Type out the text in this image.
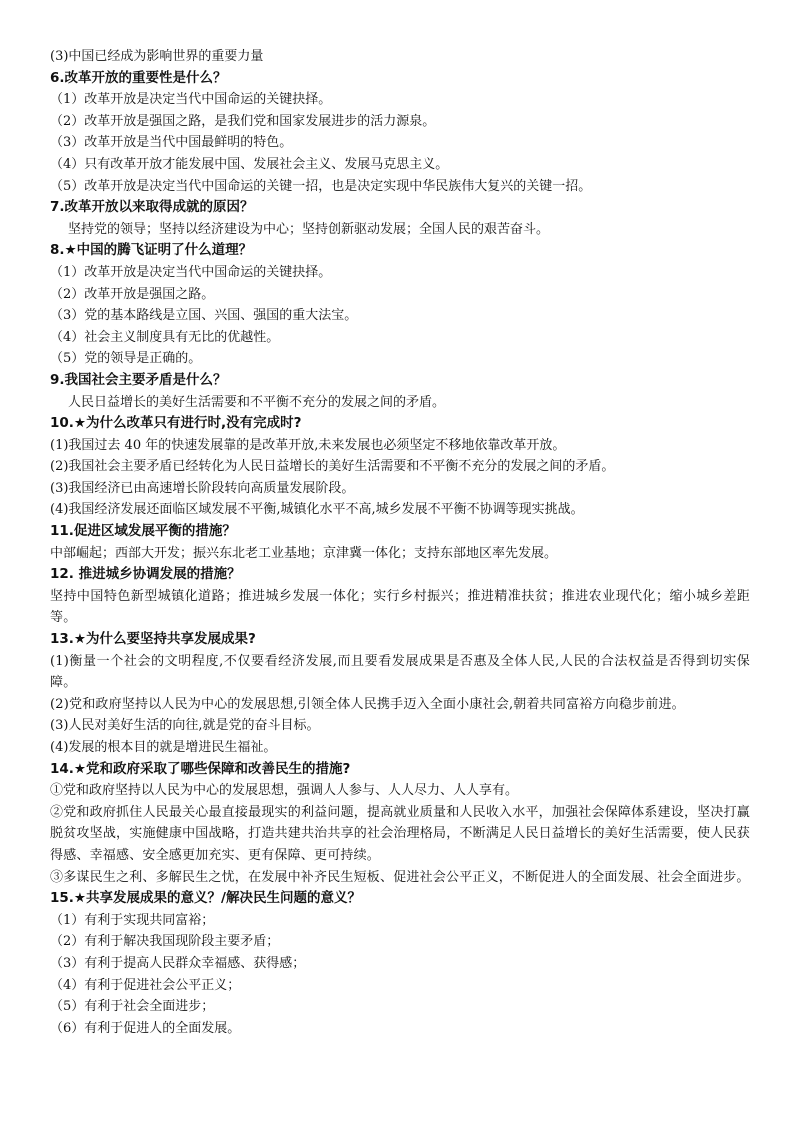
(3)中国已经成为影响世界的重要力量
6.改革开放的重要性是什么？
（1）改革开放是决定当代中国命运的关键抉择。
（2）改革开放是强国之路，是我们党和国家发展进步的活力源泉。
（3）改革开放是当代中国最鲜明的特色。
（4）只有改革开放才能发展中国、发展社会主义、发展马克思主义。
（5）改革开放是决定当代中国命运的关键一招，也是决定实现中华民族伟大复兴的关键一招。
7.改革开放以来取得成就的原因？
坚持党的领导；坚持以经济建设为中心；坚持创新驱动发展；全国人民的艰苦奋斗。
8.★中国的腾飞证明了什么道理？
（1）改革开放是决定当代中国命运的关键抉择。
（2）改革开放是强国之路。
（3）党的基本路线是立国、兴国、强国的重大法宝。
（4）社会主义制度具有无比的优越性。
（5）党的领导是正确的。
9.我国社会主要矛盾是什么？
人民日益增长的美好生活需要和不平衡不充分的发展之间的矛盾。
10.★为什么改革只有进行时,没有完成时?
(1)我国过去 40 年的快速发展靠的是改革开放,未来发展也必须坚定不移地依靠改革开放。
(2)我国社会主要矛盾已经转化为人民日益增长的美好生活需要和不平衡不充分的发展之间的矛盾。
(3)我国经济已由高速增长阶段转向高质量发展阶段。
(4)我国经济发展还面临区域发展不平衡,城镇化水平不高,城乡发展不平衡不协调等现实挑战。
11.促进区域发展平衡的措施？
中部崛起；西部大开发；振兴东北老工业基地；京津冀一体化；支持东部地区率先发展。
12. 推进城乡协调发展的措施？
坚持中国特色新型城镇化道路；推进城乡发展一体化；实行乡村振兴；推进精准扶贫；推进农业现代化；缩小城乡差距等。
13.★为什么要坚持共享发展成果?
(1)衡量一个社会的文明程度,不仅要看经济发展,而且要看发展成果是否惠及全体人民,人民的合法权益是否得到切实保障。
(2)党和政府坚持以人民为中心的发展思想,引领全体人民携手迈入全面小康社会,朝着共同富裕方向稳步前进。
(3)人民对美好生活的向往,就是党的奋斗目标。
(4)发展的根本目的就是增进民生福祉。
14.★党和政府采取了哪些保障和改善民生的措施?
①党和政府坚持以人民为中心的发展思想，强调人人参与、人人尽力、人人享有。
②党和政府抓住人民最关心最直接最现实的利益问题，提高就业质量和人民收入水平，加强社会保障体系建设，坚决打赢脱贫攻坚战，实施健康中国战略，打造共建共治共享的社会治理格局，不断满足人民日益增长的美好生活需要，使人民获得感、幸福感、安全感更加充实、更有保障、更可持续。
③多谋民生之利、多解民生之忧，在发展中补齐民生短板、促进社会公平正义，不断促进人的全面发展、社会全面进步。
15.★共享发展成果的意义？/解决民生问题的意义？
（1）有利于实现共同富裕；
（2）有利于解决我国现阶段主要矛盾；
（3）有利于提高人民群众幸福感、获得感；
（4）有利于促进社会公平正义；
（5）有利于社会全面进步；
（6）有利于促进人的全面发展。
